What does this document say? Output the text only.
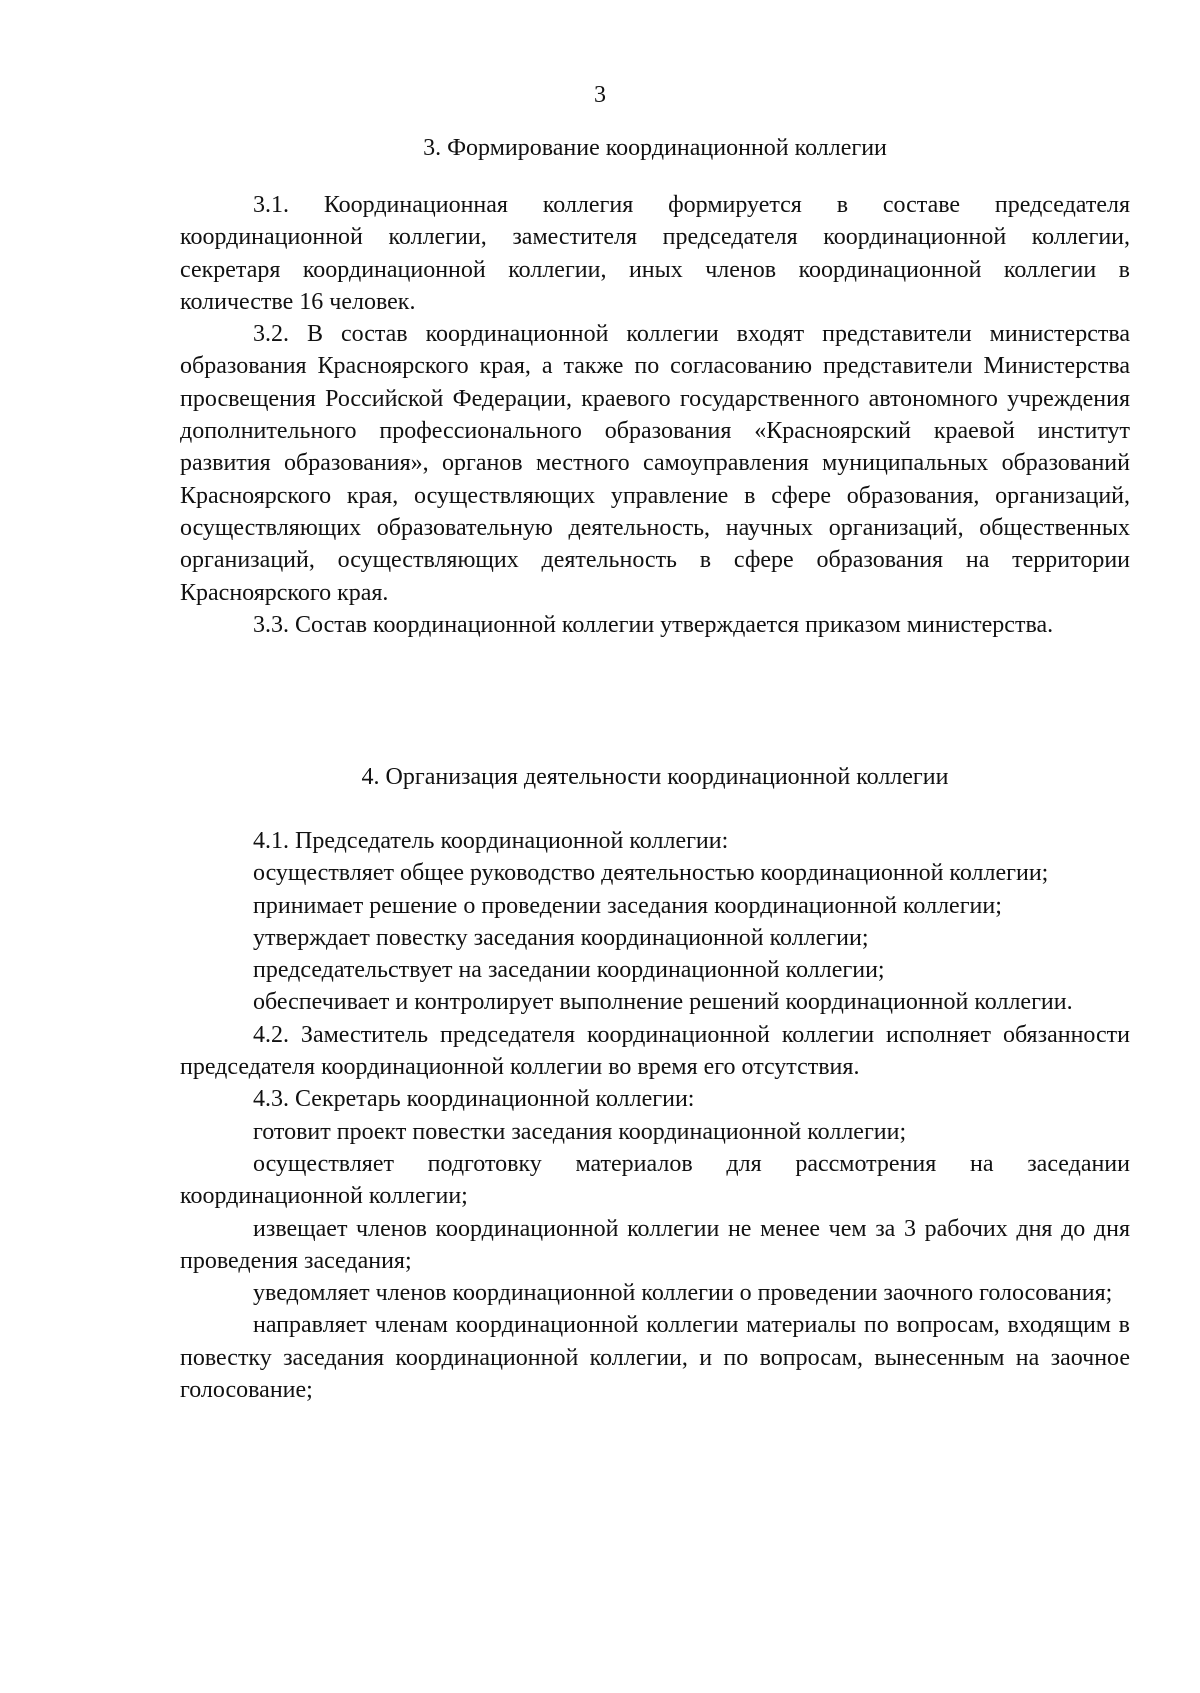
3
3. Формирование координационной коллегии

3.1. Координационная коллегия формируется в составе председателя координационной коллегии, заместителя председателя координационной коллегии, секретаря координационной коллегии, иных членов координационной коллегии в количестве 16 человек.

3.2. В состав координационной коллегии входят представители министерства образования Красноярского края, а также по согласованию представители Министерства просвещения Российской Федерации, краевого государственного автономного учреждения дополнительного профессионального образования «Красноярский краевой институт развития образования», органов местного самоуправления муниципальных образований Красноярского края, осуществляющих управление в сфере образования, организаций, осуществляющих образовательную деятельность, научных организаций, общественных организаций, осуществляющих деятельность в сфере образования на территории Красноярского края.

3.3. Состав координационной коллегии утверждается приказом министерства.

4. Организация деятельности координационной коллегии

4.1. Председатель координационной коллегии:

осуществляет общее руководство деятельностью координационной коллегии;

принимает решение о проведении заседания координационной коллегии;

утверждает повестку заседания координационной коллегии;

председательствует на заседании координационной коллегии;

обеспечивает и контролирует выполнение решений координационной коллегии.

4.2. Заместитель председателя координационной коллегии исполняет обязанности председателя координационной коллегии во время его отсутствия.

4.3. Секретарь координационной коллегии:

готовит проект повестки заседания координационной коллегии;

осуществляет подготовку материалов для рассмотрения на заседании координационной коллегии;

извещает членов координационной коллегии не менее чем за 3 рабочих дня до дня проведения заседания;

уведомляет членов координационной коллегии о проведении заочного голосования;

направляет членам координационной коллегии материалы по вопросам, входящим в повестку заседания координационной коллегии, и по вопросам, вынесенным на заочное голосование;
